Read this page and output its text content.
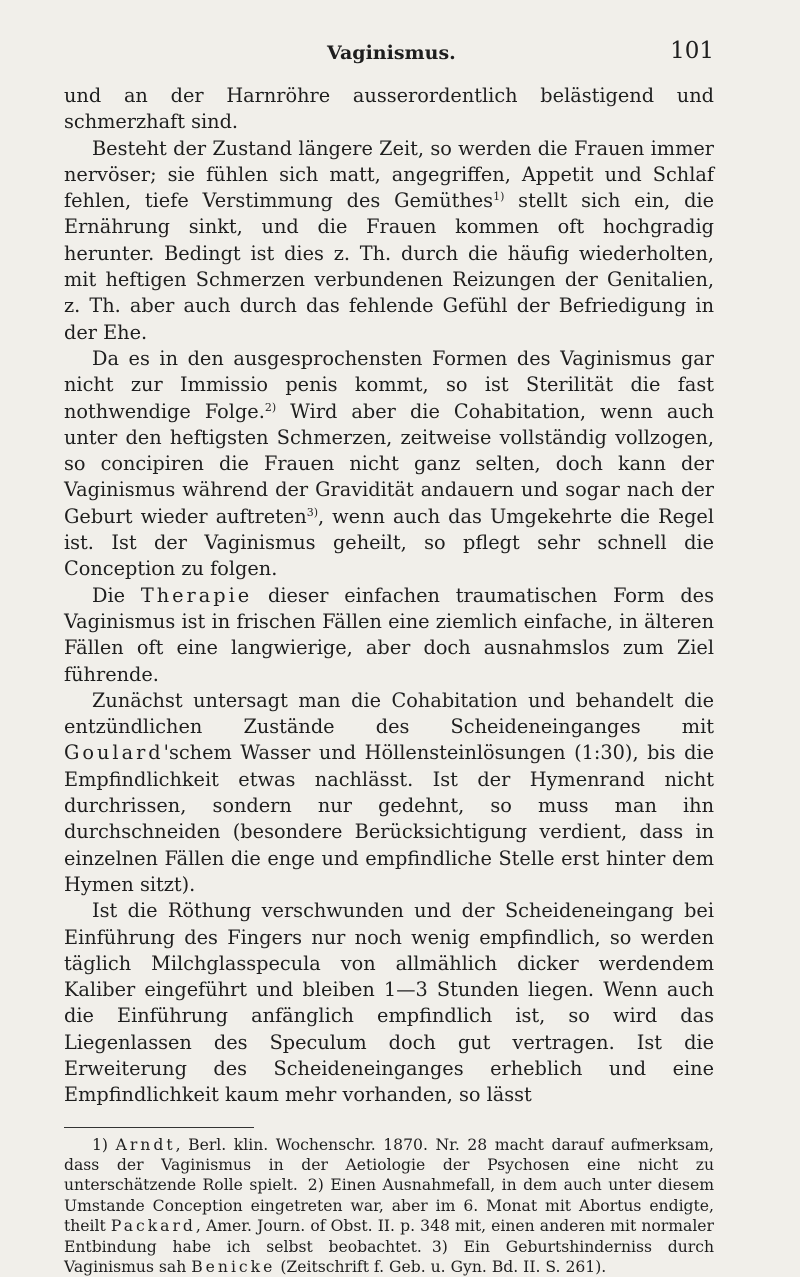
Vaginismus.	101

und an der Harnröhre ausserordentlich belästigend und schmerzhaft sind.

Besteht der Zustand längere Zeit, so werden die Frauen immer nervöser; sie fühlen sich matt, angegriffen, Appetit und Schlaf fehlen, tiefe Verstimmung des Gemüthes$^{1)}$ stellt sich ein, die Ernährung sinkt, und die Frauen kommen oft hochgradig herunter. Bedingt ist dies z. Th. durch die häufig wiederholten, mit heftigen Schmerzen verbundenen Reizungen der Genitalien, z. Th. aber auch durch das fehlende Gefühl der Befriedigung in der Ehe.

Da es in den ausgesprochensten Formen des Vaginismus gar nicht zur Immissio penis kommt, so ist Sterilität die fast nothwendige Folge.$^{2)}$ Wird aber die Cohabitation, wenn auch unter den heftigsten Schmerzen, zeitweise vollständig vollzogen, so concipiren die Frauen nicht ganz selten, doch kann der Vaginismus während der Gravidität andauern und sogar nach der Geburt wieder auftreten$^{3)}$, wenn auch das Umgekehrte die Regel ist. Ist der Vaginismus geheilt, so pflegt sehr schnell die Conception zu folgen.

Die Therapie dieser einfachen traumatischen Form des Vaginismus ist in frischen Fällen eine ziemlich einfache, in älteren Fällen oft eine langwierige, aber doch ausnahmslos zum Ziel führende.

Zunächst untersagt man die Cohabitation und behandelt die entzündlichen Zustände des Scheideneinganges mit Goulard'schem Wasser und Höllensteinlösungen (1:30), bis die Empfindlichkeit etwas nachlässt. Ist der Hymenrand nicht durchrissen, sondern nur gedehnt, so muss man ihn durchschneiden (besondere Berücksichtigung verdient, dass in einzelnen Fällen die enge und empfindliche Stelle erst hinter dem Hymen sitzt).

Ist die Röthung verschwunden und der Scheideneingang bei Einführung des Fingers nur noch wenig empfindlich, so werden täglich Milchglasspecula von allmählich dicker werdendem Kaliber eingeführt und bleiben 1—3 Stunden liegen. Wenn auch die Einführung anfänglich empfindlich ist, so wird das Liegenlassen des Speculum doch gut vertragen. Ist die Erweiterung des Scheideneinganges erheblich und eine Empfindlichkeit kaum mehr vorhanden, so lässt

1) Arndt, Berl. klin. Wochenschr. 1870. Nr. 28 macht darauf aufmerksam, dass der Vaginismus in der Aetiologie der Psychosen eine nicht zu unterschätzende Rolle spielt. 2) Einen Ausnahmefall, in dem auch unter diesem Umstande Conception eingetreten war, aber im 6. Monat mit Abortus endigte, theilt Packard, Amer. Journ. of Obst. II. p. 348 mit, einen anderen mit normaler Entbindung habe ich selbst beobachtet. 3) Ein Geburtshinderniss durch Vaginismus sah Benicke (Zeitschrift f. Geb. u. Gyn. Bd. II. S. 261).
